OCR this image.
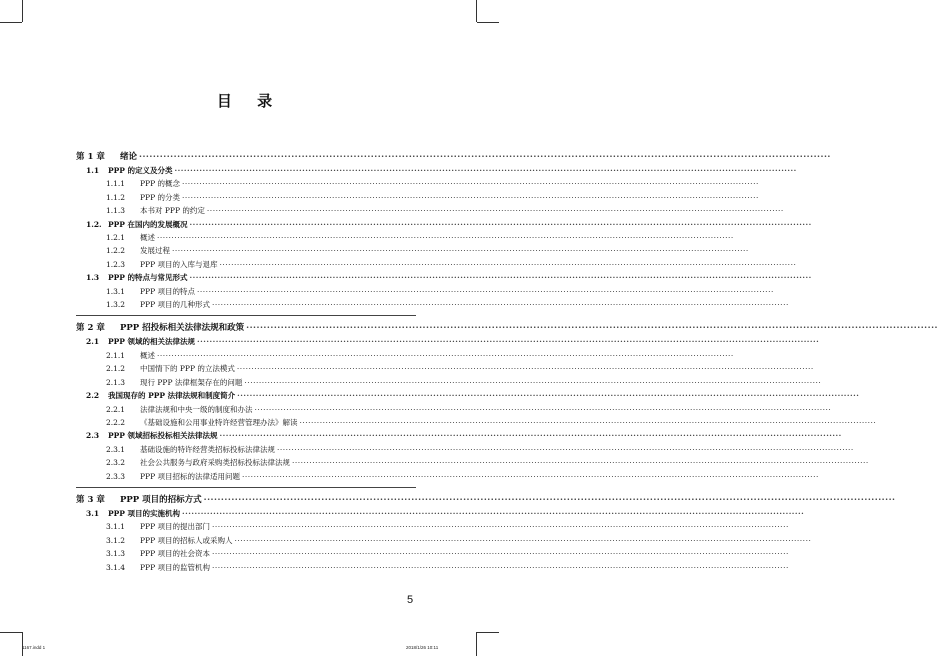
目 录
第 1 章	绪论 ········································································································································································································
1.1	PPP 的定义及分类 ········································································································································································································
1.1.1	PPP 的概念 ········································································································································································································
1.1.2	PPP 的分类 ········································································································································································································
1.1.3	本书对 PPP 的约定 ········································································································································································································
1.2. PPP 在国内的发展概况 ········································································································································································································
1.2.1	概述 ········································································································································································································
1.2.2	发展过程 ········································································································································································································
1.2.3	PPP 项目的入库与退库 ········································································································································································································
1.3	PPP 的特点与常见形式 ········································································································································································································
1.3.1	PPP 项目的特点 ········································································································································································································
1.3.2	PPP 项目的几种形式 ········································································································································································································
第 2 章	PPP 招投标相关法律法规和政策 ········································································································································································································
2.1	PPP 领域的相关法律法规 ········································································································································································································
2.1.1	概述 ········································································································································································································
2.1.2	中国情下的 PPP 的立法模式 ········································································································································································································
2.1.3	现行 PPP 法律框架存在的问题 ········································································································································································································
2.2	我国现存的 PPP 法律法规和制度简介 ········································································································································································································
2.2.1	法律法规和中央一级的制度和办法 ········································································································································································································
2.2.2	《基础设施和公用事业特许经营管理办法》解读 ········································································································································································································
2.3	PPP 领域招标投标相关法律法规 ········································································································································································································
2.3.1	基础设施的特许经营类招标投标法律法规 ········································································································································································································
2.3.2	社会公共服务与政府采购类招标投标法律法规 ········································································································································································································
2.3.3	PPP 项目招标的法律适用问题 ········································································································································································································
第 3 章	PPP 项目的招标方式 ········································································································································································································
3.1	PPP 项目的实施机构 ········································································································································································································
3.1.1	PPP 项目的提出部门 ········································································································································································································
3.1.2	PPP 项目的招标人或采购人 ········································································································································································································
3.1.3	PPP 项目的社会资本 ········································································································································································································
3.1.4	PPP 项目的监管机构 ········································································································································································································
5
1167.indd 1	2018/1/26 10:11
